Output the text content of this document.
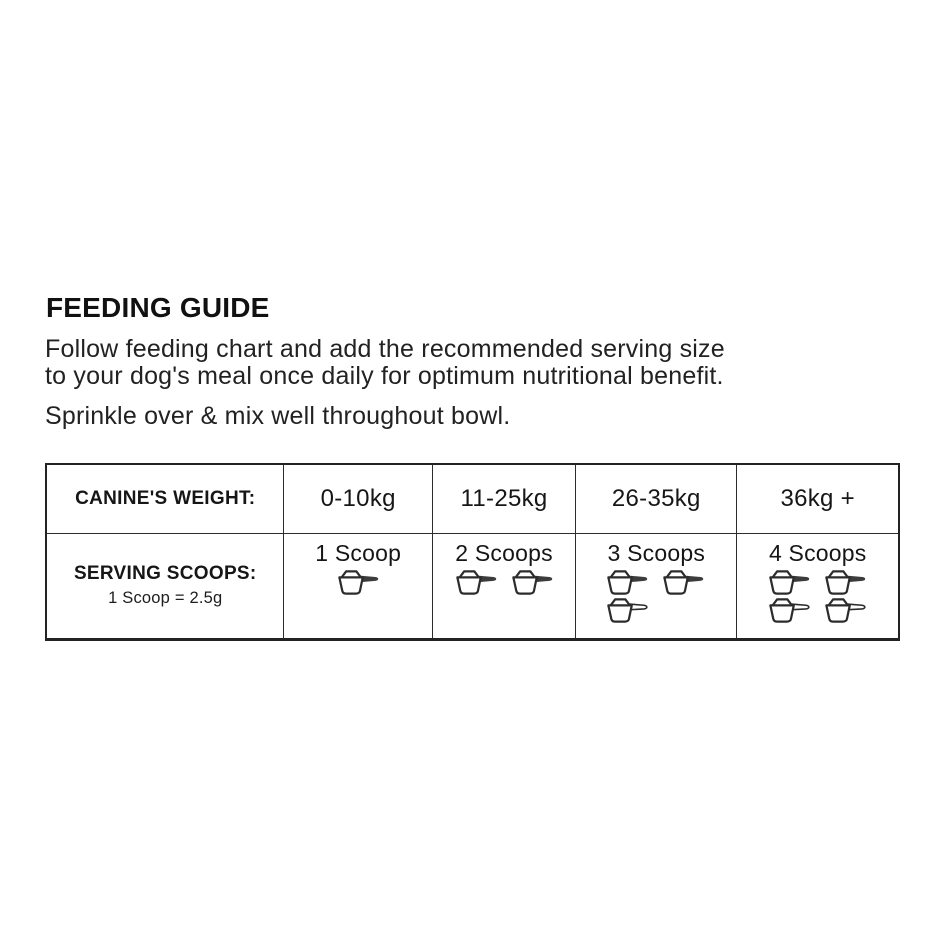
FEEDING GUIDE
Follow feeding chart and add the recommended serving size
to your dog's meal once daily for optimum nutritional benefit.
Sprinkle over & mix well throughout bowl.
CANINE'S WEIGHT:	0-10kg	11-25kg	26-35kg	36kg +

SERVING SCOOPS:
1 Scoop = 2.5g	1 Scoop	2 Scoops	3 Scoops	4 Scoops
